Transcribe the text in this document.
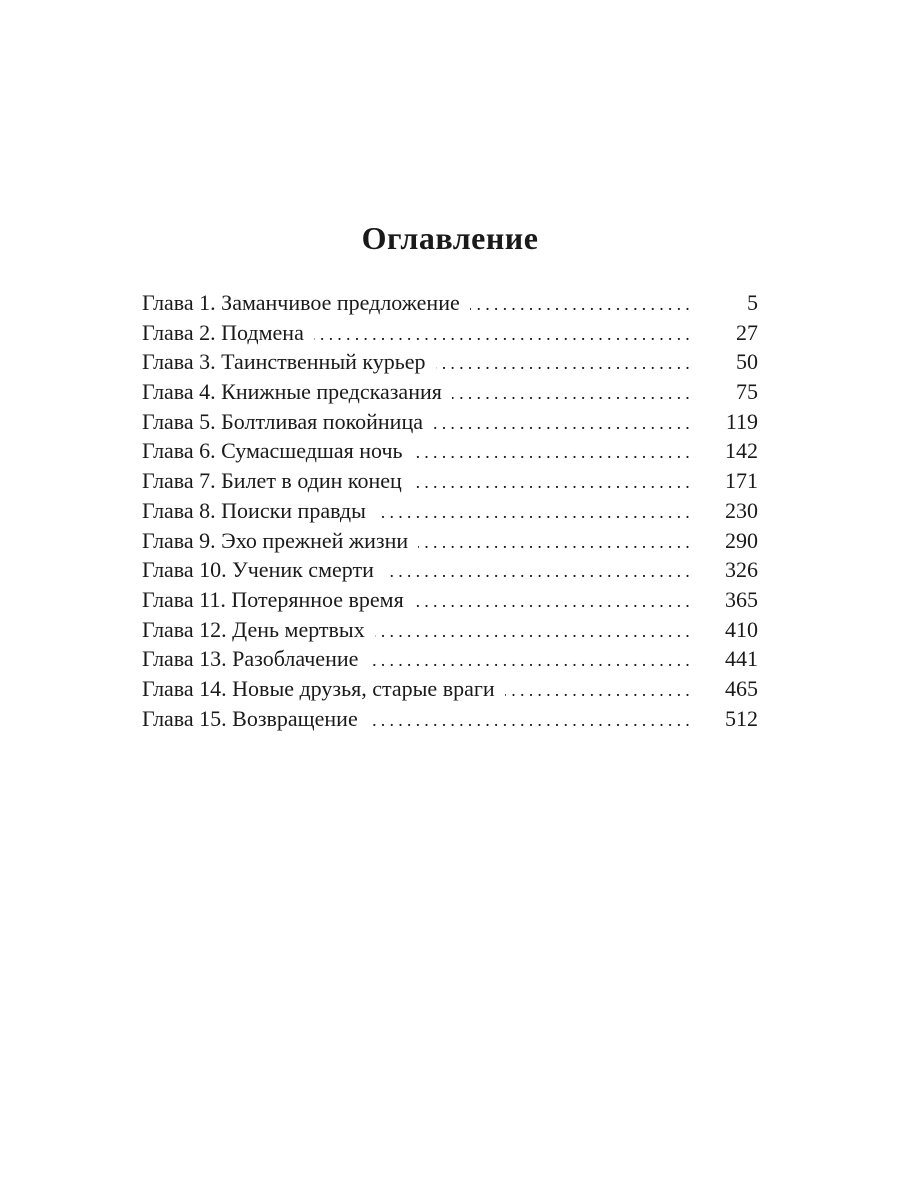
Оглавление
Глава 1. Заманчивое предложение .....	5
Глава 2. Подмена .....	27
Глава 3. Таинственный курьер .....	50
Глава 4. Книжные предсказания .....	75
Глава 5. Болтливая покойница .....	119
Глава 6. Сумасшедшая ночь .....	142
Глава 7. Билет в один конец .....	171
Глава 8. Поиски правды .....	230
Глава 9. Эхо прежней жизни .....	290
Глава 10. Ученик смерти .....	326
Глава 11. Потерянное время .....	365
Глава 12. День мертвых .....	410
Глава 13. Разоблачение .....	441
Глава 14. Новые друзья, старые враги .....	465
Глава 15. Возвращение .....	512
